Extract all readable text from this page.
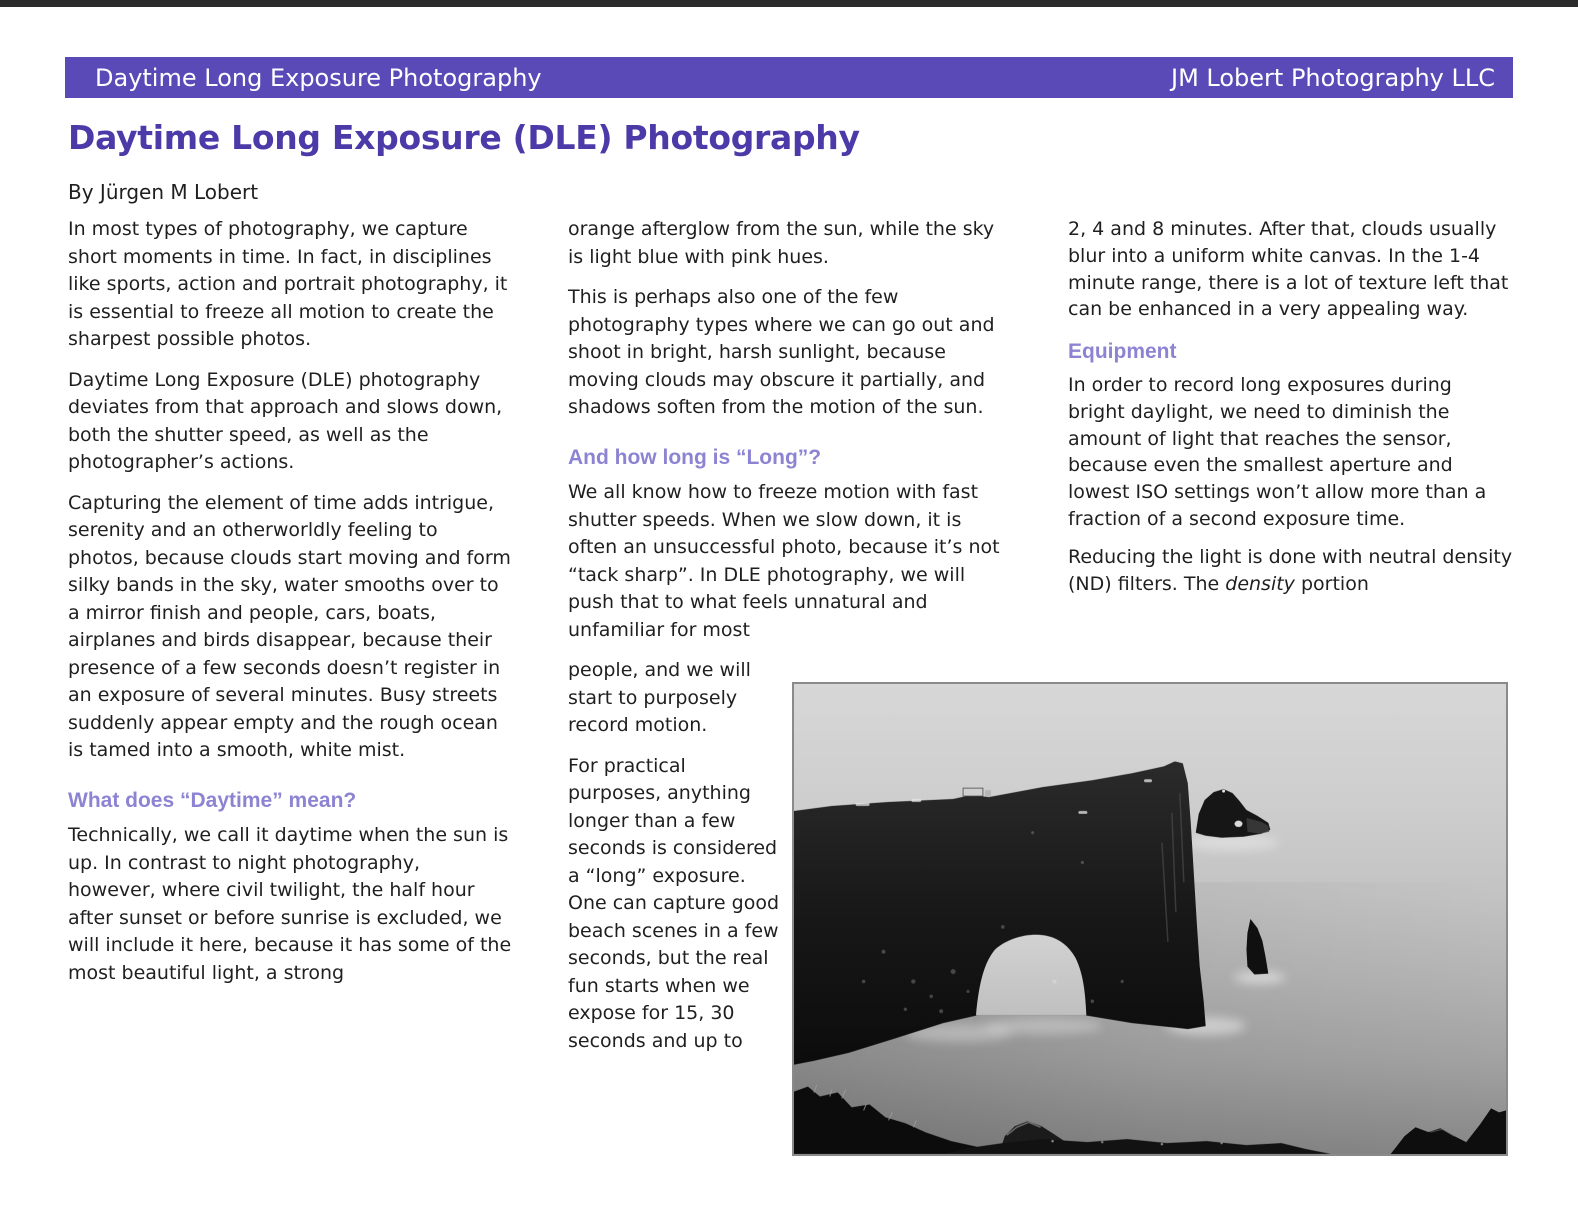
Daytime Long Exposure Photography	JM Lobert Photography LLC
Daytime Long Exposure (DLE) Photography

By Jürgen M Lobert

In most types of photography, we capture short moments in time. In fact, in disciplines like sports, action and portrait photography, it is essential to freeze all motion to create the sharpest possible photos.

Daytime Long Exposure (DLE) photography deviates from that approach and slows down, both the shutter speed, as well as the photographer’s actions.

Capturing the element of time adds intrigue, serenity and an otherworldly feeling to photos, because clouds start moving and form silky bands in the sky, water smooths over to a mirror finish and people, cars, boats, airplanes and birds disappear, because their presence of a few seconds doesn’t register in an exposure of several minutes. Busy streets suddenly appear empty and the rough ocean is tamed into a smooth, white mist.

What does “Daytime” mean?

Technically, we call it daytime when the sun is up. In contrast to night photography, however, where civil twilight, the half hour after sunset or before sunrise is excluded, we will include it here, because it has some of the most beautiful light, a strong

orange afterglow from the sun, while the sky is light blue with pink hues.

This is perhaps also one of the few photography types where we can go out and shoot in bright, harsh sunlight, because moving clouds may obscure it partially, and shadows soften from the motion of the sun.

And how long is “Long”?

We all know how to freeze motion with fast shutter speeds. When we slow down, it is often an unsuccessful photo, because it’s not “tack sharp”. In DLE photography, we will push that to what feels unnatural and unfamiliar for most

people, and we will start to purposely record motion.

For practical purposes, anything longer than a few seconds is considered a “long” exposure. One can capture good beach scenes in a few seconds, but the real fun starts when we expose for 15, 30 seconds and up to

2, 4 and 8 minutes. After that, clouds usually blur into a uniform white canvas. In the 1-4 minute range, there is a lot of texture left that can be enhanced in a very appealing way.

Equipment

In order to record long exposures during bright daylight, we need to diminish the amount of light that reaches the sensor, because even the smallest aperture and lowest ISO settings won’t allow more than a fraction of a second exposure time.

Reducing the light is done with neutral density (ND) filters. The density portion
